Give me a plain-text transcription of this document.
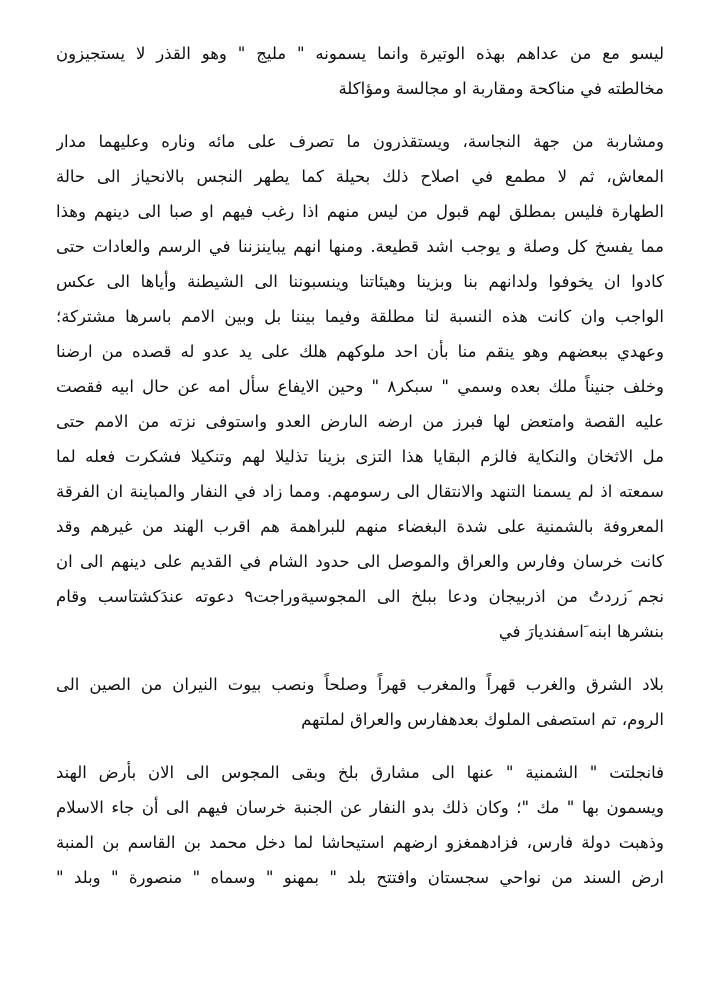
ليسو مع من عداهم بهذه الوتيرة وانما يسمونه " مليج " وهو القذر لا يستجيزون
مخالطته في مناكحة ومقاربة او مجالسة ومؤاكلة
ومشاربة من جهة النجاسة، ويستقذرون ما تصرف على مائه وناره وعليهما مدار
المعاش، ثم لا مطمع في اصلاح ذلك بحيلة كما يطهر النجس بالانحياز الى حالة
الطهارة فليس بمطلق لهم قبول من ليس منهم اذا رغب فيهم او صبا الى دينهم وهذا
مما يفسخ كل وصلة و يوجب اشد قطيعة. ومنها انهم يباينزننا في الرسم والعادات حتى
كادوا ان يخوفوا ولدانهم بنا وبزينا وهيئاتنا وينسبوننا الى الشيطنة وأياها الى عكس
الواجب وان كانت هذه النسبة لنا مطلقة وفيما بيننا بل وبين الامم باسرها مشتركة؛
وعهدي ببعضهم وهو ينقم منا بأن احد ملوكهم هلك على يد عدو له قصده من ارضنا
وخلف جنيناً ملك بعده وسمي " سبكر٨ " وحين الايفاع سأل امه عن حال ابيه فقصت
عليه القصة وامتعض لها فبرز من ارضه الىارض العدو واستوفى نزته من الامم حتى
مل الاثخان والنكاية فالزم البقايا هذا التزى بزينا تذليلا لهم وتنكيلا فشكرت فعله لما
سمعته اذ لم يسمنا التنهد والانتقال الى رسومهم. ومما زاد في النفار والمباينة ان الفرقة
المعروفة بالشمنية على شدة البغضاء منهم للبراهمة هم اقرب الهند من غيرهم وقد
كانت خرسان وفارس والعراق والموصل الى حدود الشام في القديم على دينهم الى ان
نجم َزردتُ من اذربيجان ودعا ببلخ الى المجوسيةوراجت٩ دعوته عندَكشتاسب وقام
بنشرها ابنه َاسفنديارَ في
بلاد الشرق والغرب قهراً والمغرب قهراً وصلحاً ونصب بيوت النيران من الصين الى
الروم، تم استصفى الملوك بعدهفارس والعراق لملتهم
فانجلتت " الشمنية " عنها الى مشارق بلخ وبقى المجوس الى الان بأرض الهند
ويسمون بها " مك "؛ وكان ذلك بدو النفار عن الجنبة خرسان فيهم الى أن جاء الاسلام
وذهبت دولة فارس، فزادهمغزو ارضهم استيحاشا لما دخل محمد بن القاسم بن المنبة
ارض السند من نواحي سجستان وافتتح بلد " بمهنو " وسماه " منصورة " وبلد "
